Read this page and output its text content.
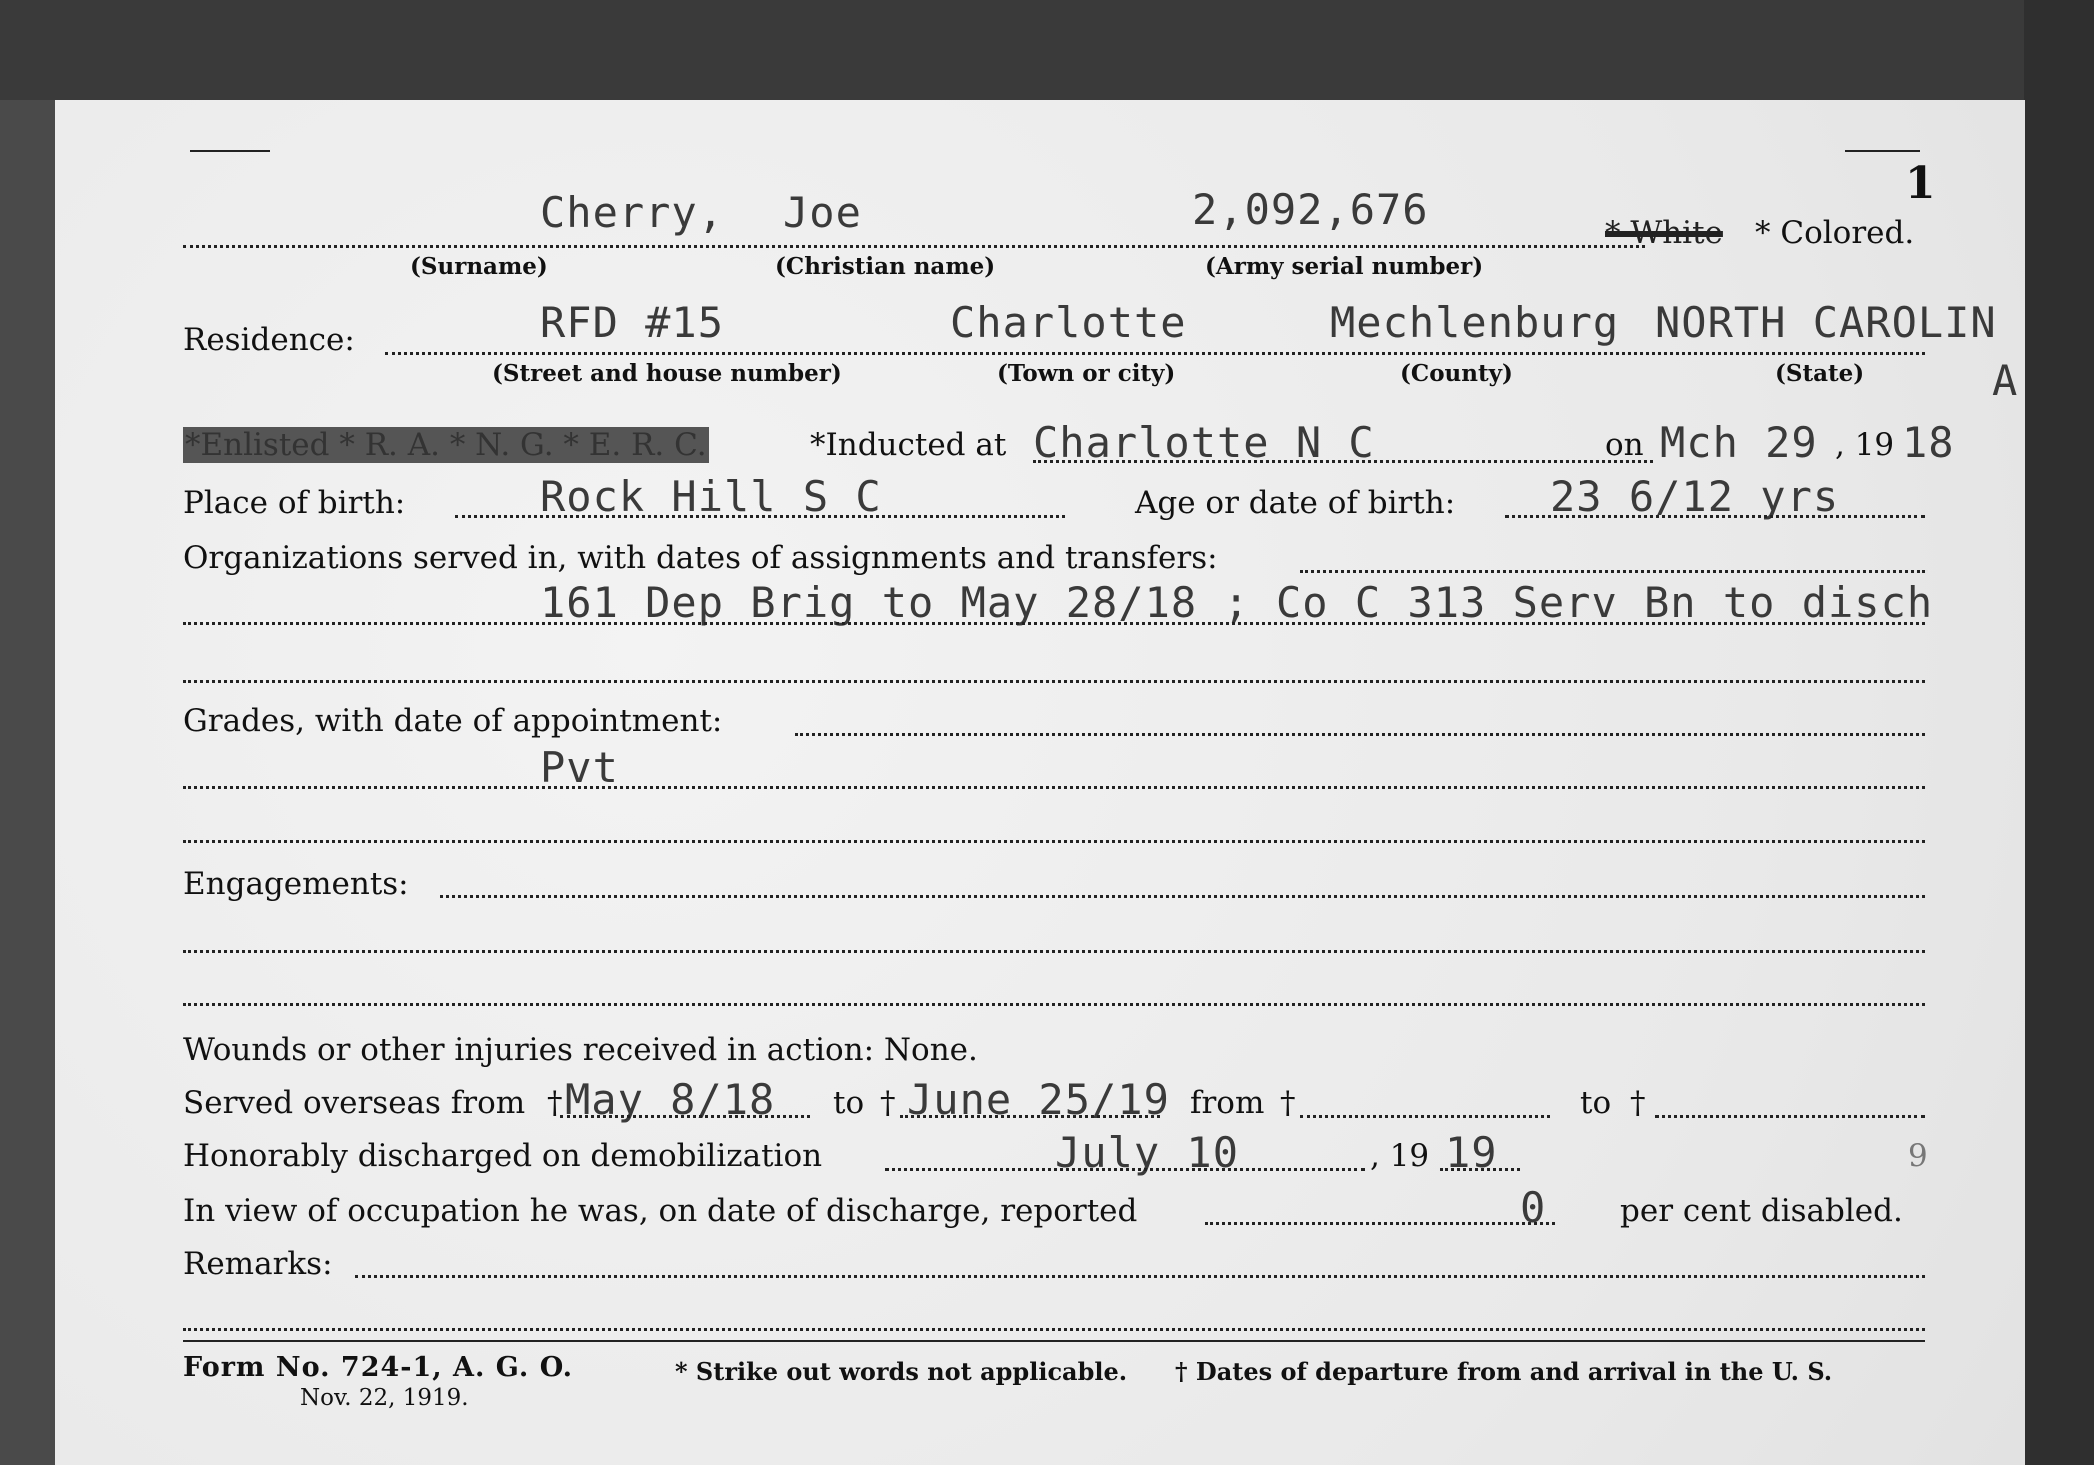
1
Cherry, Joe	2,092,676	* White * Colored.
(Surname)	(Christian name)	(Army serial number)
Residence:	RFD #15	Charlotte	Mechlenburg NORTH CAROLIN
(Street and house number)	(Town or city)	(County)	(State)	A
*Enlisted * R. A. * N. G. * E. R. C.	*Inducted at Charlotte N C	on Mch 29 , 19 18
Place of birth:	Rock Hill S C	Age or date of birth: 23 6/12 yrs
Organizations served in, with dates of assignments and transfers:
161 Dep Brig to May 28/18 ; Co C 313 Serv Bn to disch
Grades, with date of appointment:
Pvt
Engagements:
Wounds or other injuries received in action: None.
Served overseas from † May 8/18 to † June 25/19 from †	to †
Honorably discharged on demobilization	July 10	, 19 19	9
In view of occupation he was, on date of discharge, reported	0 per cent disabled.
Remarks:
Form No. 724-1, A. G. O.
Nov. 22, 1919.
* Strike out words not applicable. † Dates of departure from and arrival in the U. S.
